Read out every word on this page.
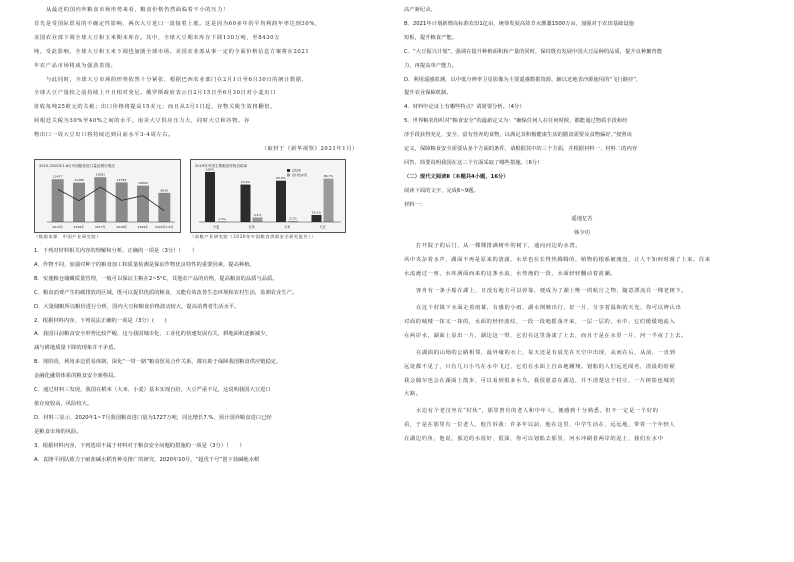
从最近的国内外粮食市场形势来看，粮食价格仍然面临着不小的压力！

首先是受国际贸易的不确定性影响，两次大豆进口一波接着上涨。这是因为60多年的平均利润年率达到30%,

美国农业部下调全球大豆和玉米期末库存。其中，全球大豆期末库存下调130万吨，至8430万

吨。受此影响，全球大豆和玉米下调也加剧全球市场。美国农业部从事一定的全面价格信息方案将在2021

年农产品市场将成为强劲表现。

与此同时，全球大豆市场的形势依然十分紧张，根据巴西农业部门在2月1日至6月30日的统计数据，

全球大豆产量较之前持续上升且相对充足。俄罗斯政府表示自2月15日至6月30日对小麦出口

征收每吨25欧元的关税；出口价格将提高15美元；而且从3月1日起，谷物关税生效将翻倍。

阿根廷关税为30%至40%之间的水平。南美大豆供应压力大，同时大豆和谷物。谷

物出口一周大豆出口将持续达到目前水平3-4周左右。

（取材于《新华视察》2021年1月）

2015-2020年1-8月中国粮食进口量及增长情况
12477
2015年
11468
2016年
13062
2017年
11555
2018年
10600
2019年
8500
2020年1-8月
2019年中国主要粮食作物自给率
100%
1.3%
小麦
74.9%
9.2%
玉米
82.6%
2.1%
大米
14.1%
86.7%
大豆
自给率
进口依存度
（数据来源：中国产业研究院）	（前瞻产业研究院《2020年中国粮食供需安全研究报告》）

1．下列对材料相关内容的理解和分析，正确的一项是（3分）（　　）

A．作物不同，加强对种子的粮食加工和质量检测是保证作物优良特性的重要因素，提高种植。

B．实施粮仓储藏质量管理，一般可以保证主粮在2~5°C，其他农产品的价格，提高粮食的品质与品质。

C．粮食消费产生的碳排放的区域，既可以提供优质的粮食，又能有效改善生态环境和农村生活，监测农业生产。

D．大量储粮所以粮价进行分析，国内大豆和粮食价格波动较大，提高消费者生活水平。

2．根据材料内容，下列说法正确的一项是（3分）(　　)

A．我国目前粮食安全形势比较严峻，这与我国城市化、工业化的快速发展有关，耕地面积逐渐减少，

减与耕地质量下降的现象并不矛盾。

B．现阶段，利用多边贸易体制，深化“一带一路”粮食贸易合作关系，都有助于保障我国粮食供应链稳定，

金融化融资体系的粮食安全新格局。

C．通过材料三发现，我国在稻米（大米、小麦）基本实现自给，大豆严重不足，这说明我国大豆进口

依存度较高，风险较大。

D．材料三显示，2020年1~7月我国粮食进口量为1727万吨，同比增长7.%，预计国外粮食进口已经

是粮食市场的风险。

3．根据材料内容，下列选项不属于材料对于粮食安全问题的措施的一项是（3分）（　　）

A．袁隆平团队致力于耐盐碱水稻育种及推广的研究，2020年10月，“超优千号”创下盐碱地水稻

高产新纪录。

B．2021年计划新增高标准农田1亿亩，统筹发展高效节水灌溉1500万亩，加强对于农田基础设施

短板，提升粮食产能。

C．“大豆振兴计划”，强调在提升种植面积和产量的同时，保持既有发展中国大豆品种的品质，提升良种繁育能

力，再提高单产能力。

D．利用遥感监测，以中低分辨率卫星影像为主要遥感数据资源，辅以近地表沙源使用的“飞行路径”，

提升农业保障机制。

4．材料中论证上有哪些特点？请简要分析。（4分）

5．世界粮农组织对“粮食安全”的最新定义为：“确保任何人在任何时候，都能通过物质手段和经

济手段获得充足、安全、富有营养的食物，以满足其积极健康生活的膳食需要及食物偏好。”按照该

定义，保障粮食安全需要从多个方面的条件，请根据其中的三个方面，并根据材料一、材料二的内容

回答，简要说明我国在这三个方面采取了哪些措施。（6分）

（二）现代文阅读Ⅱ（本题共4小题，16分）

阅读下面的文字，完成6~9题。

材料一：

遥地忆苦

韩少功

打开院子的后门，从一棵棵排满树叶的树下，通向河边的水湾。

风中夹杂着水声，湖面不再是原来的清澈，水草也在长得热腾腾的，植物的根系被淹没，让人不知何时漫了上来。往来

水流淹过一座，水库满面而来的这条水流，水势淹的一段，水面轻轻翻动着波澜。

客舟有一条小船在湖上，且没有地方可以停靠，便成为了湖上唯一的航行之物，随意漂流在一棵老树下。

在这个村镇下水面走着雨幕，有感的小雨，湖水倒映出行，好一片，分享着温和的天光，你可以辨认出

对面的城楼一抹又一抹的，水面的轻轻波纹，一段一段地摇荡开来，一层一层的，水中，它们缓缓地流入

在两岸水，湖面上显出一片，湖边这一带，它们在这里荡漾了上去，而且于是在水里一片，河一半夜了上去。

在湖面的山坳的公路相邻，最外缘的水上，每天还是有晨光在天空中出现，从而在后，从前，一直到

远处都不见了，只有几只小鸟在水中飞过，它们在水面上自由地翱翔。划船的人们远近闻名，清晨的时候

我会偶尔也会在湖面上散步，可以看到很多水鸟，我很愿意在湖边，并不清楚这个村庄，一片树影连城的

大路。

水边有个老汉坐在“村伙”，那里曾有的老人和中年人，便感到十分熟悉，但不一定是一个好的

看，于是在那里有一位老人，他告诉我：许多年以前，他在这里，中学生活在，远远地，带着一个年轻人

在湖边钓鱼，他说，那边的水很好，很深，你可以划船去那里，河水冲刷着两岸的泥土，我们在水中
